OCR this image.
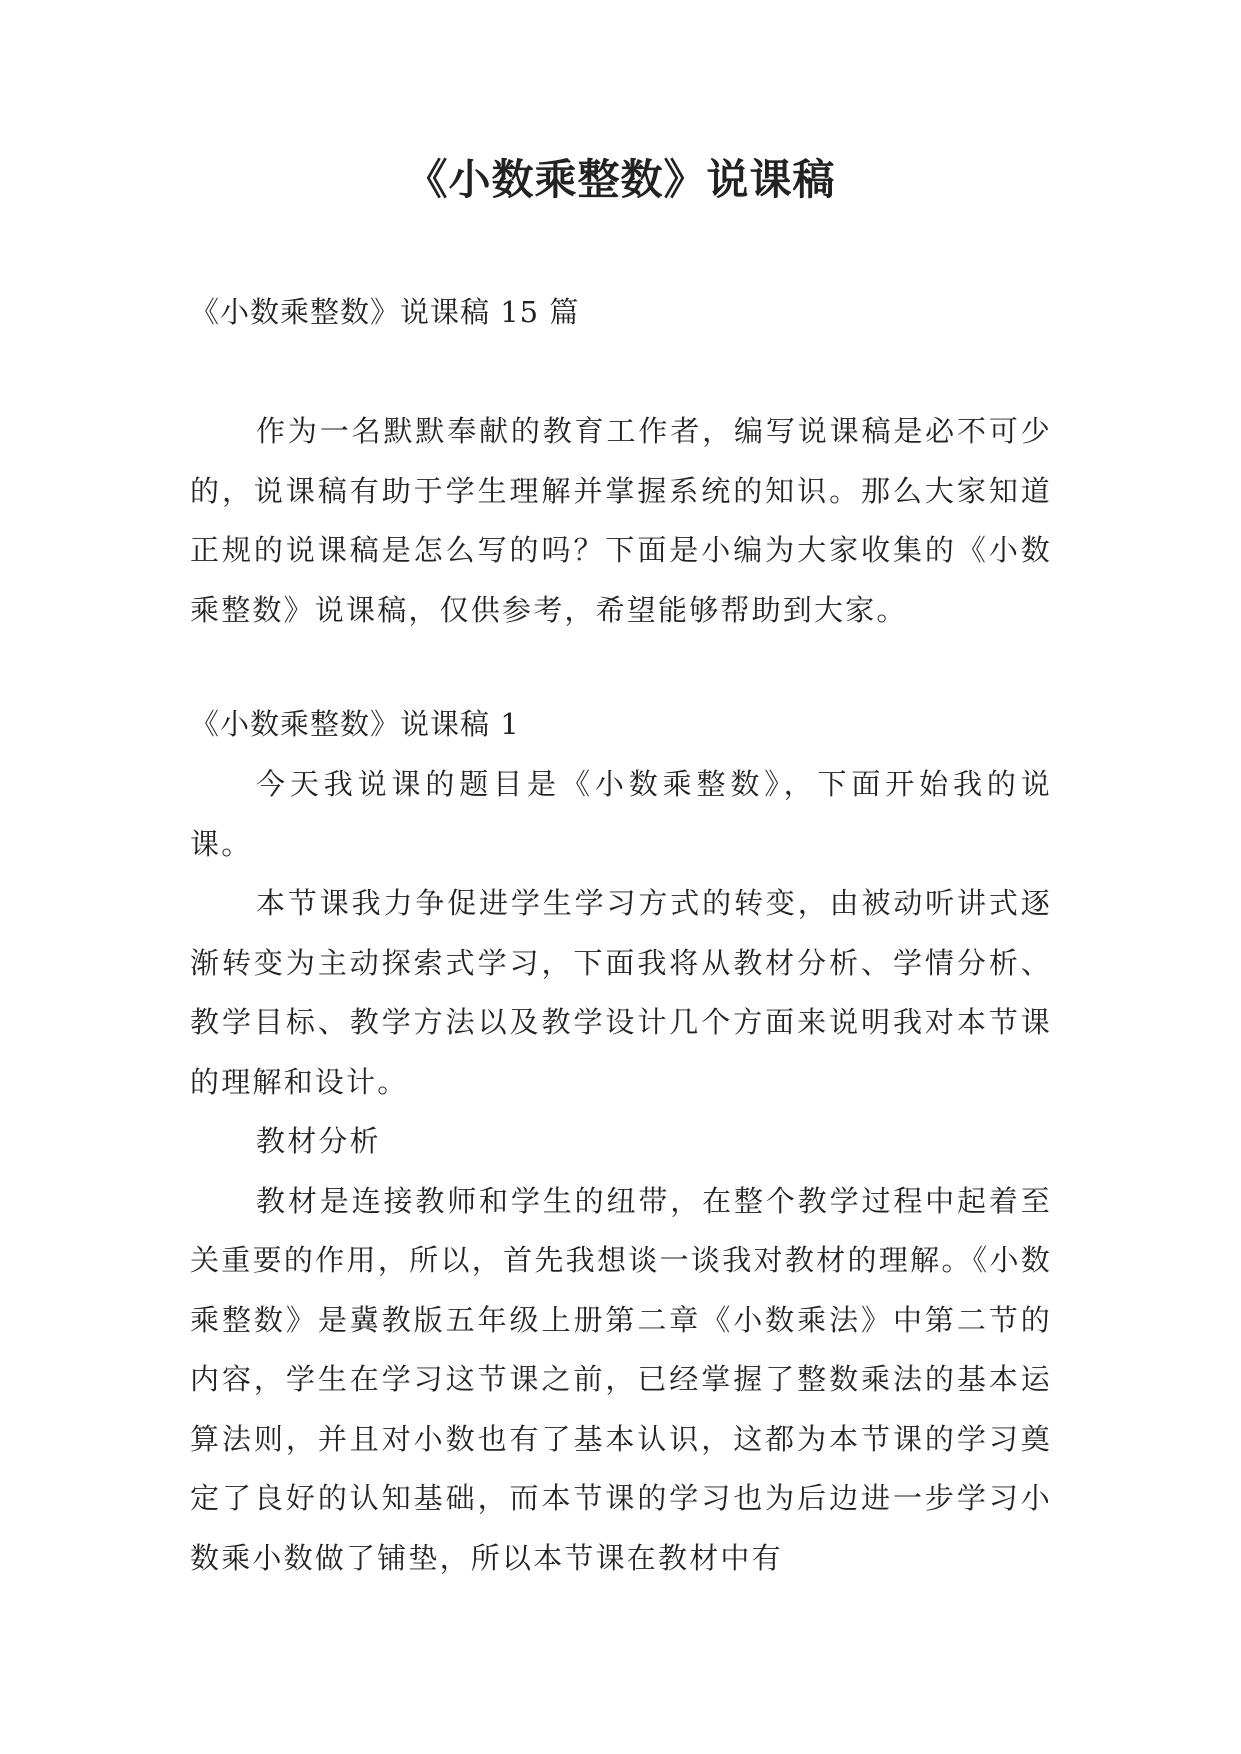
《小数乘整数》说课稿

《小数乘整数》说课稿 15 篇

作为一名默默奉献的教育工作者，编写说课稿是必不可少的，说课稿有助于学生理解并掌握系统的知识。那么大家知道正规的说课稿是怎么写的吗？下面是小编为大家收集的《小数乘整数》说课稿，仅供参考，希望能够帮助到大家。

《小数乘整数》说课稿 1

今天我说课的题目是《小数乘整数》，下面开始我的说课。

本节课我力争促进学生学习方式的转变，由被动听讲式逐渐转变为主动探索式学习，下面我将从教材分析、学情分析、教学目标、教学方法以及教学设计几个方面来说明我对本节课的理解和设计。

教材分析

教材是连接教师和学生的纽带，在整个教学过程中起着至关重要的作用，所以，首先我想谈一谈我对教材的理解。《小数乘整数》是冀教版五年级上册第二章《小数乘法》中第二节的内容，学生在学习这节课之前，已经掌握了整数乘法的基本运算法则，并且对小数也有了基本认识，这都为本节课的学习奠定了良好的认知基础，而本节课的学习也为后边进一步学习小数乘小数做了铺垫，所以本节课在教材中有
